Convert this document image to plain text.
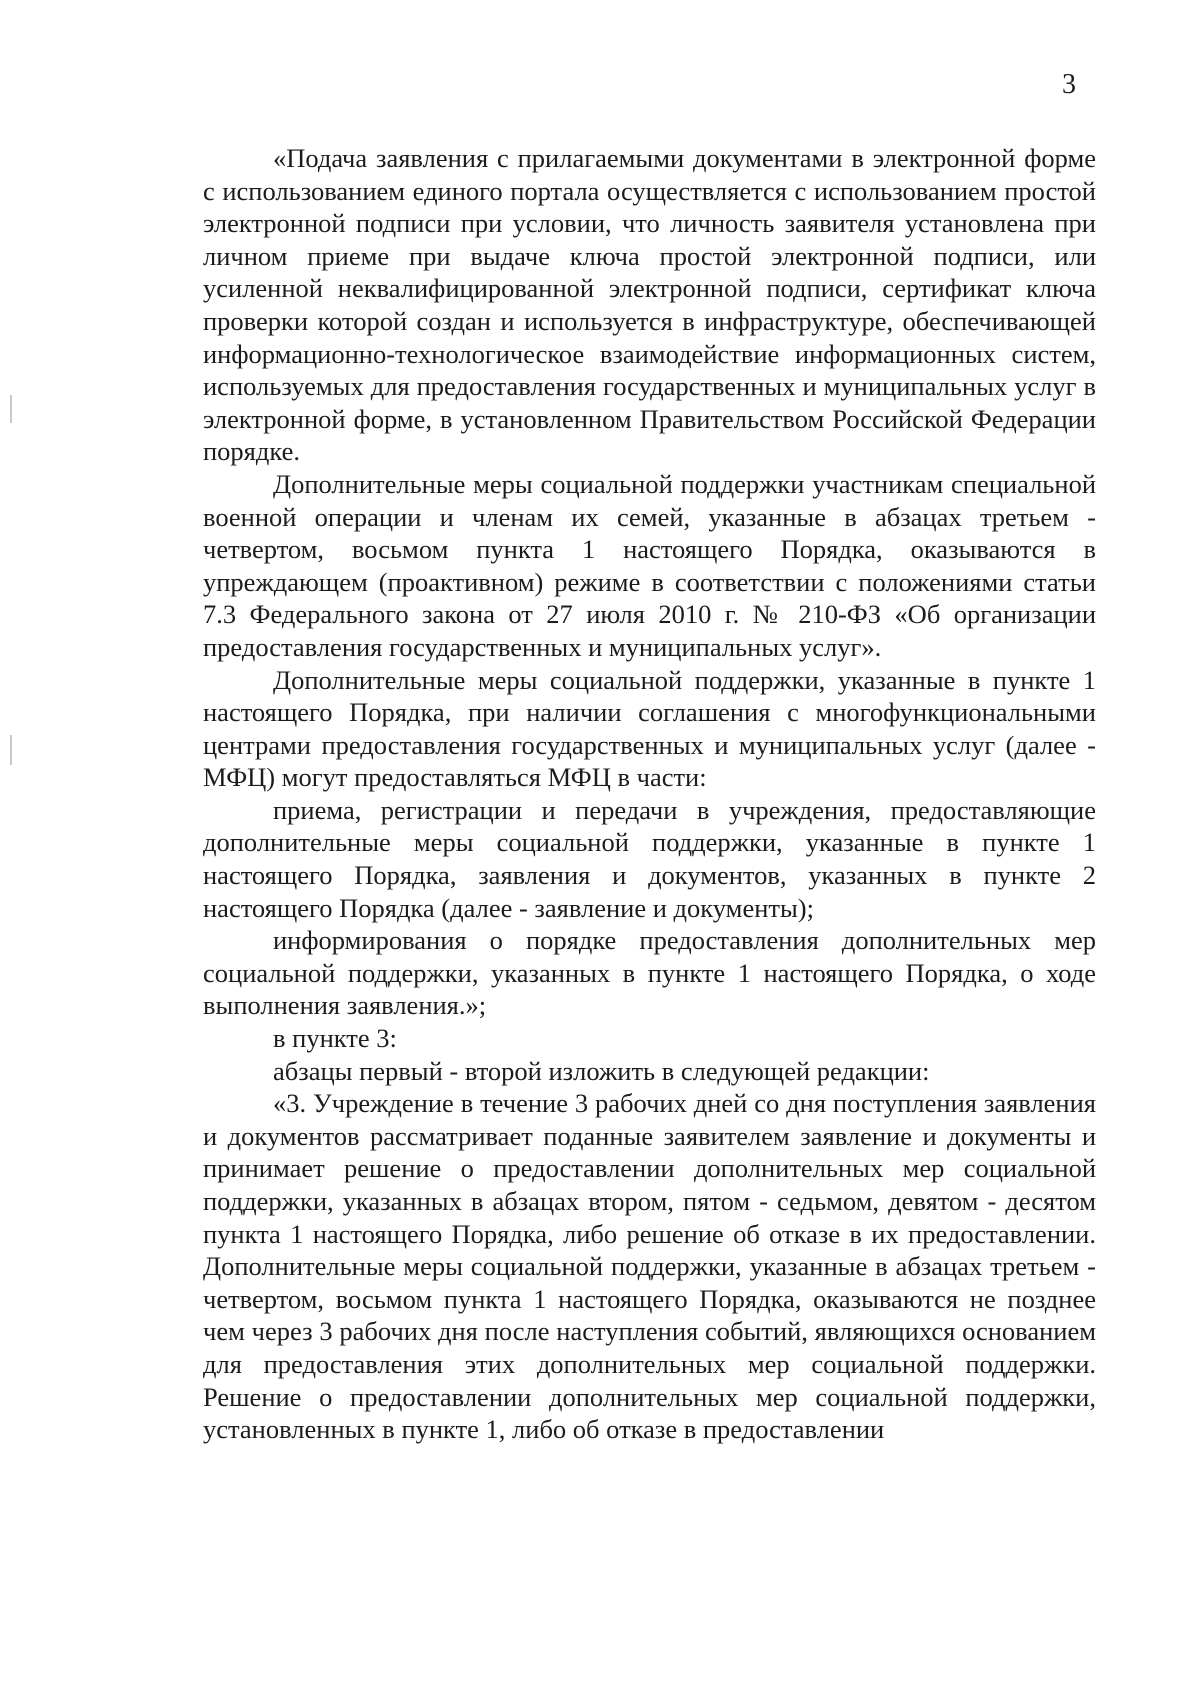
3

«Подача заявления с прилагаемыми документами в электронной форме с использованием единого портала осуществляется с использованием простой электронной подписи при условии, что личность заявителя установлена при личном приеме при выдаче ключа простой электронной подписи, или усиленной неквалифицированной электронной подписи, сертификат ключа проверки которой создан и используется в инфраструктуре, обеспечивающей информационно-технологическое взаимодействие информационных систем, используемых для предоставления государственных и муниципальных услуг в электронной форме, в установленном Правительством Российской Федерации порядке.

Дополнительные меры социальной поддержки участникам специальной военной операции и членам их семей, указанные в абзацах третьем - четвертом, восьмом пункта 1 настоящего Порядка, оказываются в упреждающем (проактивном) режиме в соответствии с положениями статьи 7.3 Федерального закона от 27 июля 2010 г. № 210-ФЗ «Об организации предоставления государственных и муниципальных услуг».

Дополнительные меры социальной поддержки, указанные в пункте 1 настоящего Порядка, при наличии соглашения с многофункциональными центрами предоставления государственных и муниципальных услуг (далее - МФЦ) могут предоставляться МФЦ в части:

приема, регистрации и передачи в учреждения, предоставляющие дополнительные меры социальной поддержки, указанные в пункте 1 настоящего Порядка, заявления и документов, указанных в пункте 2 настоящего Порядка (далее - заявление и документы);

информирования о порядке предоставления дополнительных мер социальной поддержки, указанных в пункте 1 настоящего Порядка, о ходе выполнения заявления.»;

в пункте 3:

абзацы первый - второй изложить в следующей редакции:

«3. Учреждение в течение 3 рабочих дней со дня поступления заявления и документов рассматривает поданные заявителем заявление и документы и принимает решение о предоставлении дополнительных мер социальной поддержки, указанных в абзацах втором, пятом - седьмом, девятом - десятом пункта 1 настоящего Порядка, либо решение об отказе в их предоставлении. Дополнительные меры социальной поддержки, указанные в абзацах третьем - четвертом, восьмом пункта 1 настоящего Порядка, оказываются не позднее чем через 3 рабочих дня после наступления событий, являющихся основанием для предоставления этих дополнительных мер социальной поддержки. Решение о предоставлении дополнительных мер социальной поддержки, установленных в пункте 1, либо об отказе в предоставлении
